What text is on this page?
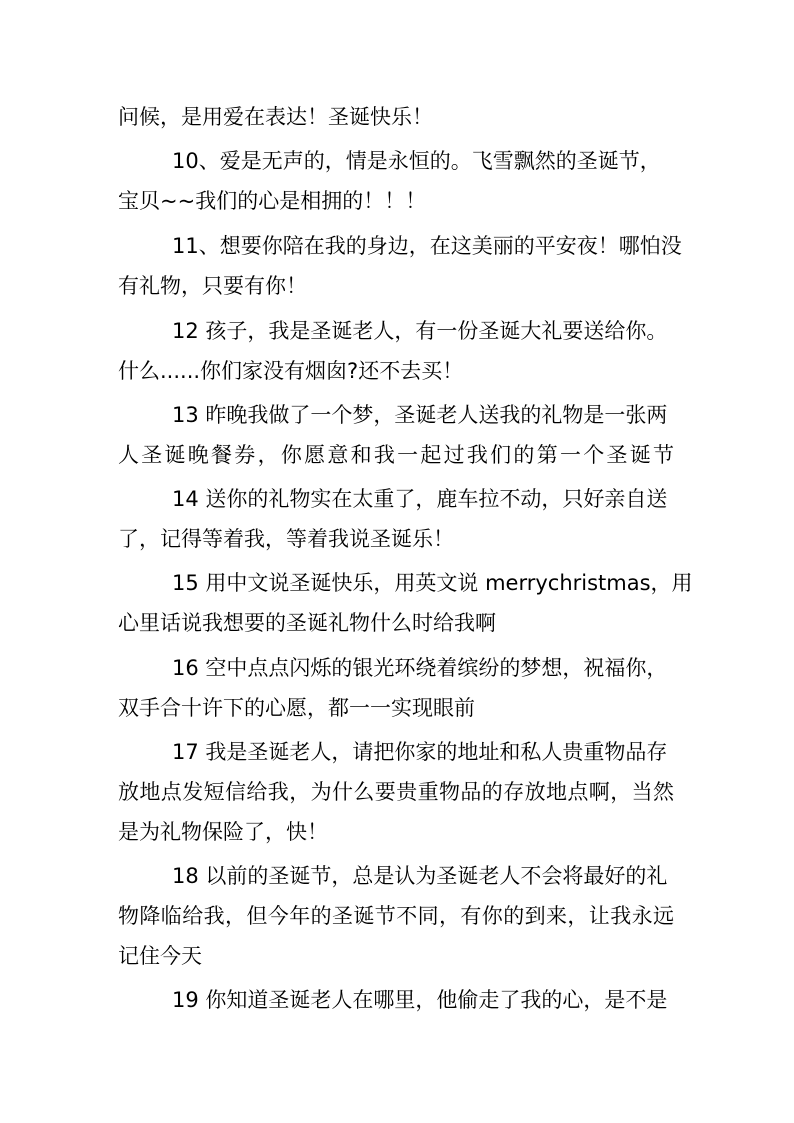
问候，是用爱在表达！圣诞快乐！
10、爱是无声的，情是永恒的。飞雪飘然的圣诞节，
宝贝~~我们的心是相拥的！！！
11、想要你陪在我的身边，在这美丽的平安夜！哪怕没
有礼物，只要有你！
12 孩子，我是圣诞老人，有一份圣诞大礼要送给你。
什么......你们家没有烟囱?还不去买！
13 昨晚我做了一个梦，圣诞老人送我的礼物是一张两
人圣诞晚餐券，你愿意和我一起过我们的第一个圣诞节
14 送你的礼物实在太重了，鹿车拉不动，只好亲自送
了，记得等着我，等着我说圣诞乐！
15 用中文说圣诞快乐，用英文说 merrychristmas，用
心里话说我想要的圣诞礼物什么时给我啊
16 空中点点闪烁的银光环绕着缤纷的梦想，祝福你，
双手合十许下的心愿，都一一实现眼前
17 我是圣诞老人，请把你家的地址和私人贵重物品存
放地点发短信给我，为什么要贵重物品的存放地点啊，当然
是为礼物保险了，快！
18 以前的圣诞节，总是认为圣诞老人不会将最好的礼
物降临给我，但今年的圣诞节不同，有你的到来，让我永远
记住今天
19 你知道圣诞老人在哪里，他偷走了我的心，是不是
